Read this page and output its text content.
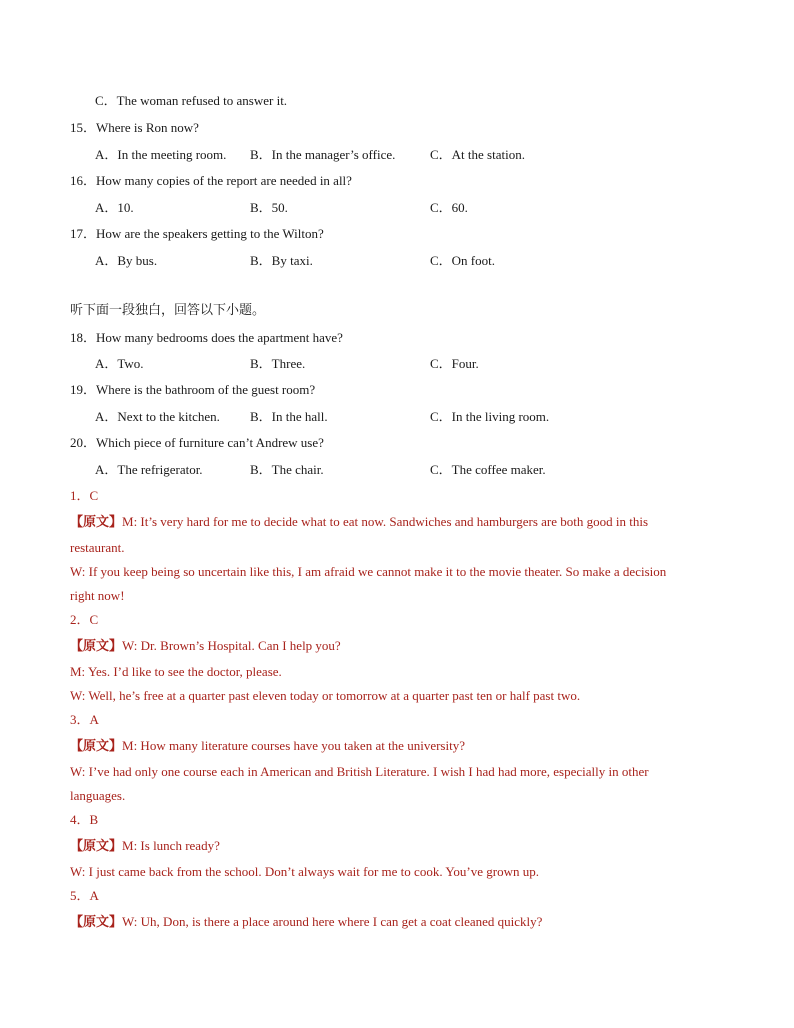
C．The woman refused to answer it.
15．Where is Ron now?
A．In the meeting room. B．In the manager’s office.	C．At the station.
16．How many copies of the report are needed in all?
A．10.	B．50.	C．60.
17．How are the speakers getting to the Wilton?
A．By bus.	B．By taxi.	C．On foot.
听下面一段独白，回答以下小题。
18．How many bedrooms does the apartment have?
A．Two.	B．Three.	C．Four.
19．Where is the bathroom of the guest room?
A．Next to the kitchen. B．In the hall.	C．In the living room.
20．Which piece of furniture can’t Andrew use?
A．The refrigerator.	B．The chair.	C．The coffee maker.
1．C
【原文】M: It’s very hard for me to decide what to eat now. Sandwiches and hamburgers are both good in this
restaurant.
W: If you keep being so uncertain like this, I am afraid we cannot make it to the movie theater. So make a decision
right now!
2．C
【原文】W: Dr. Brown’s Hospital. Can I help you?
M: Yes. I’d like to see the doctor, please.
W: Well, he’s free at a quarter past eleven today or tomorrow at a quarter past ten or half past two.
3．A
【原文】M: How many literature courses have you taken at the university?
W: I’ve had only one course each in American and British Literature. I wish I had had more, especially in other
languages.
4．B
【原文】M: Is lunch ready?
W: I just came back from the school. Don’t always wait for me to cook. You’ve grown up.
5．A
【原文】W: Uh, Don, is there a place around here where I can get a coat cleaned quickly?
